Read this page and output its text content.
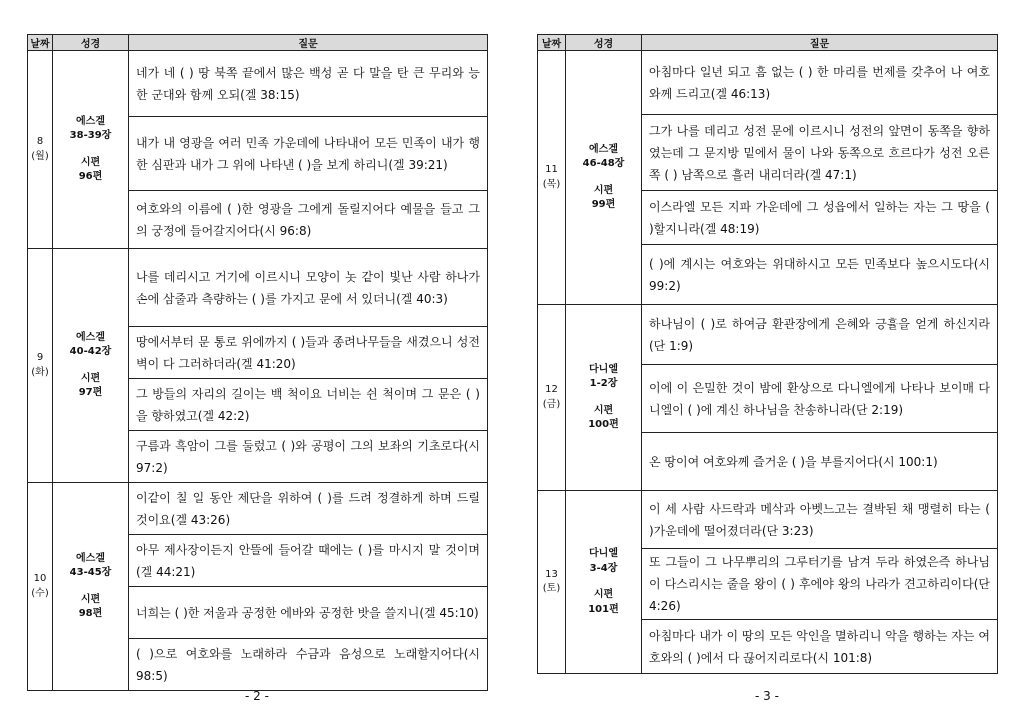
날짜	성경	질문

8
(월)	에스겔
38-39장
시편
96편	네가 네 ( ) 땅 북쪽 끝에서 많은 백성 곧 다 말을 탄 큰 무리와 능한 군대와 함께 오되(겔 38:15)
		내가 내 영광을 여러 민족 가운데에 나타내어 모든 민족이 내가 행한 심판과 내가 그 위에 나타낸 ( )을 보게 하리니(겔 39:21)
		여호와의 이름에 ( )한 영광을 그에게 돌릴지어다 예물을 들고 그의 궁정에 들어갈지어다(시 96:8)

9
(화)	에스겔
40-42장
시편
97편	나를 데리시고 거기에 이르시니 모양이 놋 같이 빛난 사람 하나가 손에 삼줄과 측량하는 ( )를 가지고 문에 서 있더니(겔 40:3)
		땅에서부터 문 통로 위에까지 ( )들과 종려나무들을 새겼으니 성전 벽이 다 그러하더라(겔 41:20)
		그 방들의 자리의 길이는 백 척이요 너비는 쉰 척이며 그 문은 ( )을 향하였고(겔 42:2)
		구름과 흑암이 그를 둘렀고 ( )와 공평이 그의 보좌의 기초로다(시 97:2)

10
(수)	에스겔
43-45장
시편
98편	이같이 칠 일 동안 제단을 위하여 ( )를 드려 정결하게 하며 드릴 것이요(겔 43:26)
		아무 제사장이든지 안뜰에 들어갈 때에는 ( )를 마시지 말 것이며(겔 44:21)
		너희는 ( )한 저울과 공정한 에바와 공정한 밧을 쓸지니(겔 45:10)
		( )으로 여호와를 노래하라 수금과 음성으로 노래할지어다(시 98:5)
- 2 -
날짜	성경	질문

11
(목)	에스겔
46-48장
시편
99편	아침마다 일년 되고 흠 없는 ( ) 한 마리를 번제를 갖추어 나 여호와께 드리고(겔 46:13)
		그가 나를 데리고 성전 문에 이르시니 성전의 앞면이 동쪽을 향하였는데 그 문지방 밑에서 물이 나와 동쪽으로 흐르다가 성전 오른쪽 ( ) 남쪽으로 흘러 내리더라(겔 47:1)
		이스라엘 모든 지파 가운데에 그 성읍에서 일하는 자는 그 땅을 ( )할지니라(겔 48:19)
		( )에 계시는 여호와는 위대하시고 모든 민족보다 높으시도다(시 99:2)

12
(금)	다니엘
1-2장
시편
100편	하나님이 ( )로 하여금 환관장에게 은혜와 긍휼을 얻게 하신지라(단 1:9)
		이에 이 은밀한 것이 밤에 환상으로 다니엘에게 나타나 보이매 다니엘이 ( )에 계신 하나님을 찬송하니라(단 2:19)
		온 땅이여 여호와께 즐거운 ( )을 부를지어다(시 100:1)

13
(토)	다니엘
3-4장
시편
101편	이 세 사람 사드락과 메삭과 아벳느고는 결박된 채 맹렬히 타는 ( )가운데에 떨어졌더라(단 3:23)
		또 그들이 그 나무뿌리의 그루터기를 남겨 두라 하였은즉 하나님이 다스리시는 줄을 왕이 ( ) 후에야 왕의 나라가 견고하리이다(단 4:26)
		아침마다 내가 이 땅의 모든 악인을 멸하리니 악을 행하는 자는 여호와의 ( )에서 다 끊어지리로다(시 101:8)
- 3 -
